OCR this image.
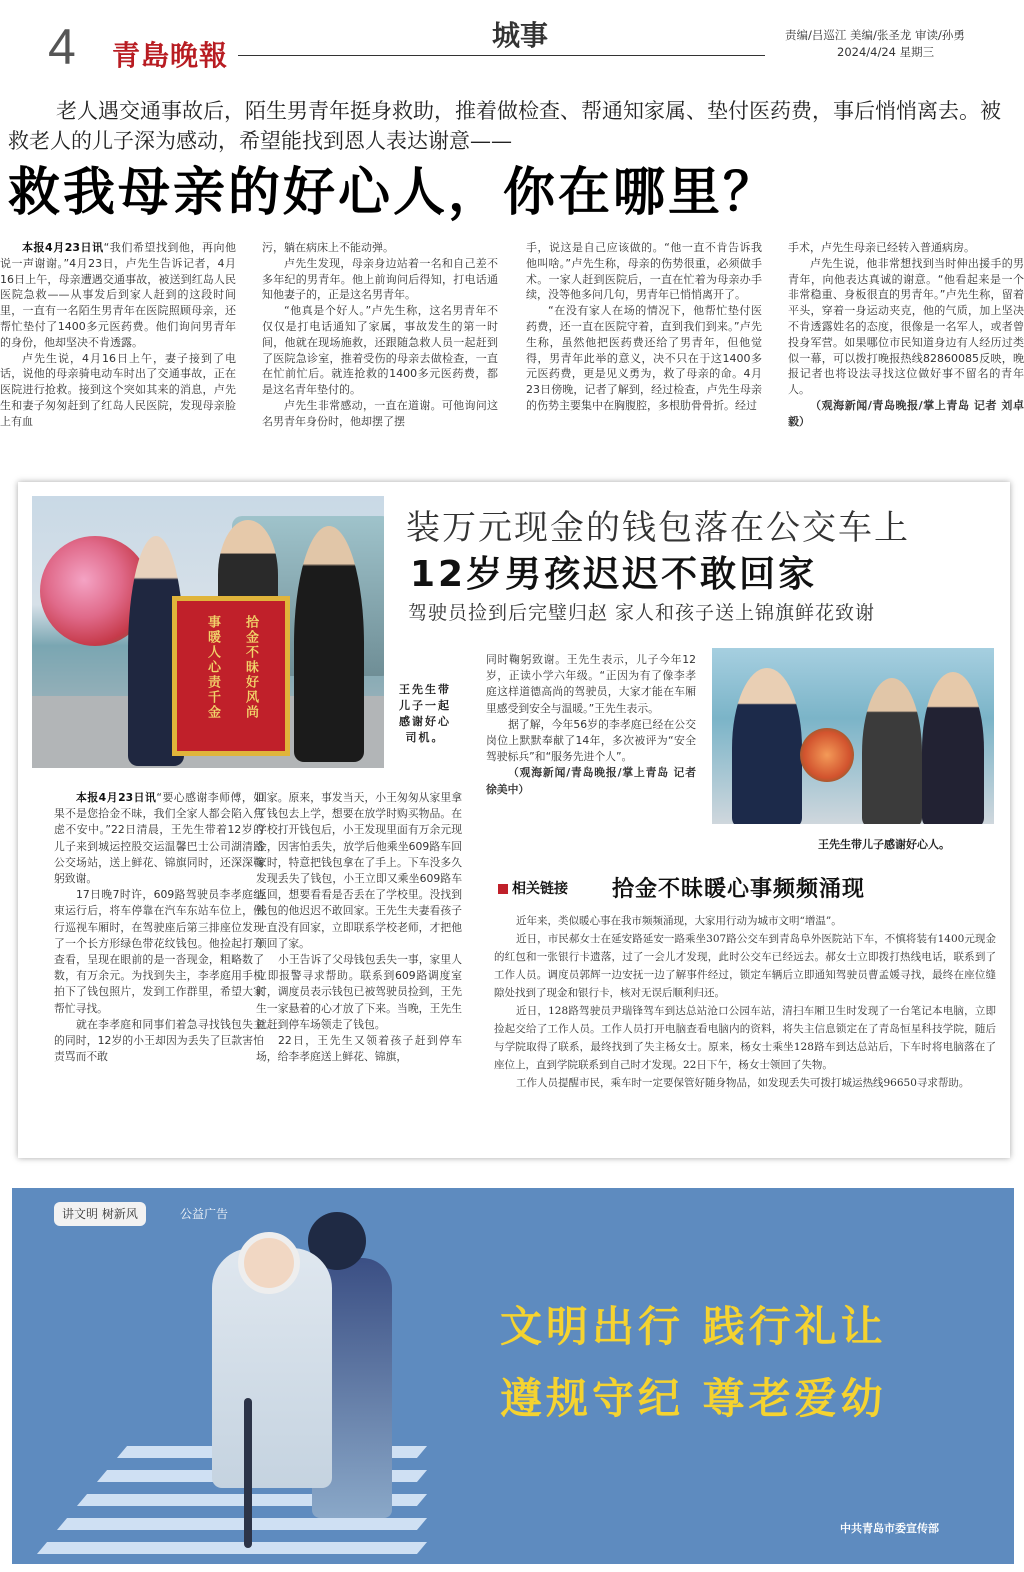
4 青島晚報
城事	责编/吕巡江 美编/张圣龙 审读/孙勇
2024/4/24 星期三
老人遇交通事故后，陌生男青年挺身救助，推着做检查、帮通知家属、垫付医药费，事后悄悄离去。被救老人的儿子深为感动，希望能找到恩人表达谢意——
救我母亲的好心人，你在哪里？

本报4月23日讯“我们希望找到他，再向他说一声谢谢。”4月23日，卢先生告诉记者，4月16日上午，母亲遭遇交通事故，被送到红岛人民医院急救——从事发后到家人赶到的这段时间里，一直有一名陌生男青年在医院照顾母亲，还帮忙垫付了1400多元医药费。他们询问男青年的身份，他却坚决不肯透露。

卢先生说，4月16日上午，妻子接到了电话，说他的母亲骑电动车时出了交通事故，正在医院进行抢救。接到这个突如其来的消息，卢先生和妻子匆匆赶到了红岛人民医院，发现母亲脸上有血

污，躺在病床上不能动弹。

卢先生发现，母亲身边站着一名和自己差不多年纪的男青年。他上前询问后得知，打电话通知他妻子的，正是这名男青年。

“他真是个好人。”卢先生称，这名男青年不仅仅是打电话通知了家属，事故发生的第一时间，他就在现场施救，还跟随急救人员一起赶到了医院急诊室，推着受伤的母亲去做检查，一直在忙前忙后。就连抢救的1400多元医药费，都是这名青年垫付的。

卢先生非常感动，一直在道谢。可他询问这名男青年身份时，他却摆了摆

手，说这是自己应该做的。“他一直不肯告诉我他叫啥。”卢先生称，母亲的伤势很重，必须做手术。一家人赶到医院后，一直在忙着为母亲办手续，没等他多问几句，男青年已悄悄离开了。

“在没有家人在场的情况下，他帮忙垫付医药费，还一直在医院守着，直到我们到来。”卢先生称，虽然他把医药费还给了男青年，但他觉得，男青年此举的意义，决不只在于这1400多元医药费，更是见义勇为，救了母亲的命。4月23日傍晚，记者了解到，经过检查，卢先生母亲的伤势主要集中在胸腹腔，多根肋骨骨折。经过

手术，卢先生母亲已经转入普通病房。

卢先生说，他非常想找到当时伸出援手的男青年，向他表达真诚的谢意。“他看起来是一个非常稳重、身板很直的男青年。”卢先生称，留着平头，穿着一身运动夹克，他的气质，加上坚决不肯透露姓名的态度，很像是一名军人，或者曾投身军营。如果哪位市民知道身边有人经历过类似一幕，可以拨打晚报热线82860085反映，晚报记者也将设法寻找这位做好事不留名的青年人。

（观海新闻/青岛晚报/掌上青岛 记者 刘卓毅）

拾金不昧好风尚
事暖人心责千金	王先生带儿子一起感谢好心司机。
装万元现金的钱包落在公交车上
12岁男孩迟迟不敢回家
驾驶员捡到后完璧归赵 家人和孩子送上锦旗鲜花致谢

本报4月23日讯“要心感谢李师傅，如果不是您拾金不昧，我们全家人都会陷入焦虑不安中。”22日清晨，王先生带着12岁的儿子来到城运控股交运温馨巴士公司湖清路公交场站，送上鲜花、锦旗同时，还深深鞠躬致谢。

17日晚7时许，609路驾驶员李孝庭结束运行后，将车停靠在汽车东站车位上，例行巡视车厢时，在驾驶座后第三排座位发现了一个长方形绿色带花纹钱包。他捡起打开查看，呈现在眼前的是一沓现金，粗略数了数，有万余元。为找到失主，李孝庭用手机拍下了钱包照片，发到工作群里，希望大家帮忙寻找。

就在李孝庭和同事们着急寻找钱包失主的同时，12岁的小王却因为丢失了巨款害怕责骂而不敢

回家。原来，事发当天，小王匆匆从家里拿了钱包去上学，想要在放学时购买物品。在学校打开钱包后，小王发现里面有万余元现金，因害怕丢失，放学后他乘坐609路车回家时，特意把钱包拿在了手上。下车没多久发现丢失了钱包，小王立即又乘坐609路车返回，想要看看是否丢在了学校里。没找到钱包的他迟迟不敢回家。王先生夫妻看孩子一直没有回家，立即联系学校老师，才把他领回了家。

小王告诉了父母钱包丢失一事，家里人立即报警寻求帮助。联系到609路调度室时，调度员表示钱包已被驾驶员捡到，王先生一家悬着的心才放了下来。当晚，王先生就赶到停车场领走了钱包。

22日，王先生又领着孩子赶到停车场，给李孝庭送上鲜花、锦旗，

同时鞠躬致谢。王先生表示，儿子今年12岁，正读小学六年级。“正因为有了像李孝庭这样道德高尚的驾驶员，大家才能在车厢里感受到安全与温暖。”王先生表示。

据了解，今年56岁的李孝庭已经在公交岗位上默默奉献了14年，多次被评为“安全驾驶标兵”和“服务先进个人”。

（观海新闻/青岛晚报/掌上青岛 记者 徐美中）

王先生带儿子感谢好心人。
相关链接 拾金不昧暖心事频频涌现

近年来，类似暖心事在我市频频涌现，大家用行动为城市文明“增温”。

近日，市民郝女士在延安路延安一路乘坐307路公交车到青岛阜外医院站下车，不慎将装有1400元现金的红包和一张银行卡遗落，过了一会儿才发现，此时公交车已经远去。郝女士立即拨打热线电话，联系到了工作人员。调度员郭辉一边安抚一边了解事件经过，锁定车辆后立即通知驾驶员曹孟媛寻找，最终在座位缝隙处找到了现金和银行卡，核对无误后顺利归还。

近日，128路驾驶员尹瑞锋驾车到达总站沧口公园车站，清扫车厢卫生时发现了一台笔记本电脑，立即捡起交给了工作人员。工作人员打开电脑查看电脑内的资料，将失主信息锁定在了青岛恒星科技学院，随后与学院取得了联系，最终找到了失主杨女士。原来，杨女士乘坐128路车到达总站后，下车时将电脑落在了座位上，直到学院联系到自己时才发现。22日下午，杨女士领回了失物。

工作人员提醒市民，乘车时一定要保管好随身物品，如发现丢失可拨打城运热线96650寻求帮助。

讲文明 树新风	公益广告
文明出行 践行礼让
遵规守纪 尊老爱幼
中共青岛市委宣传部
